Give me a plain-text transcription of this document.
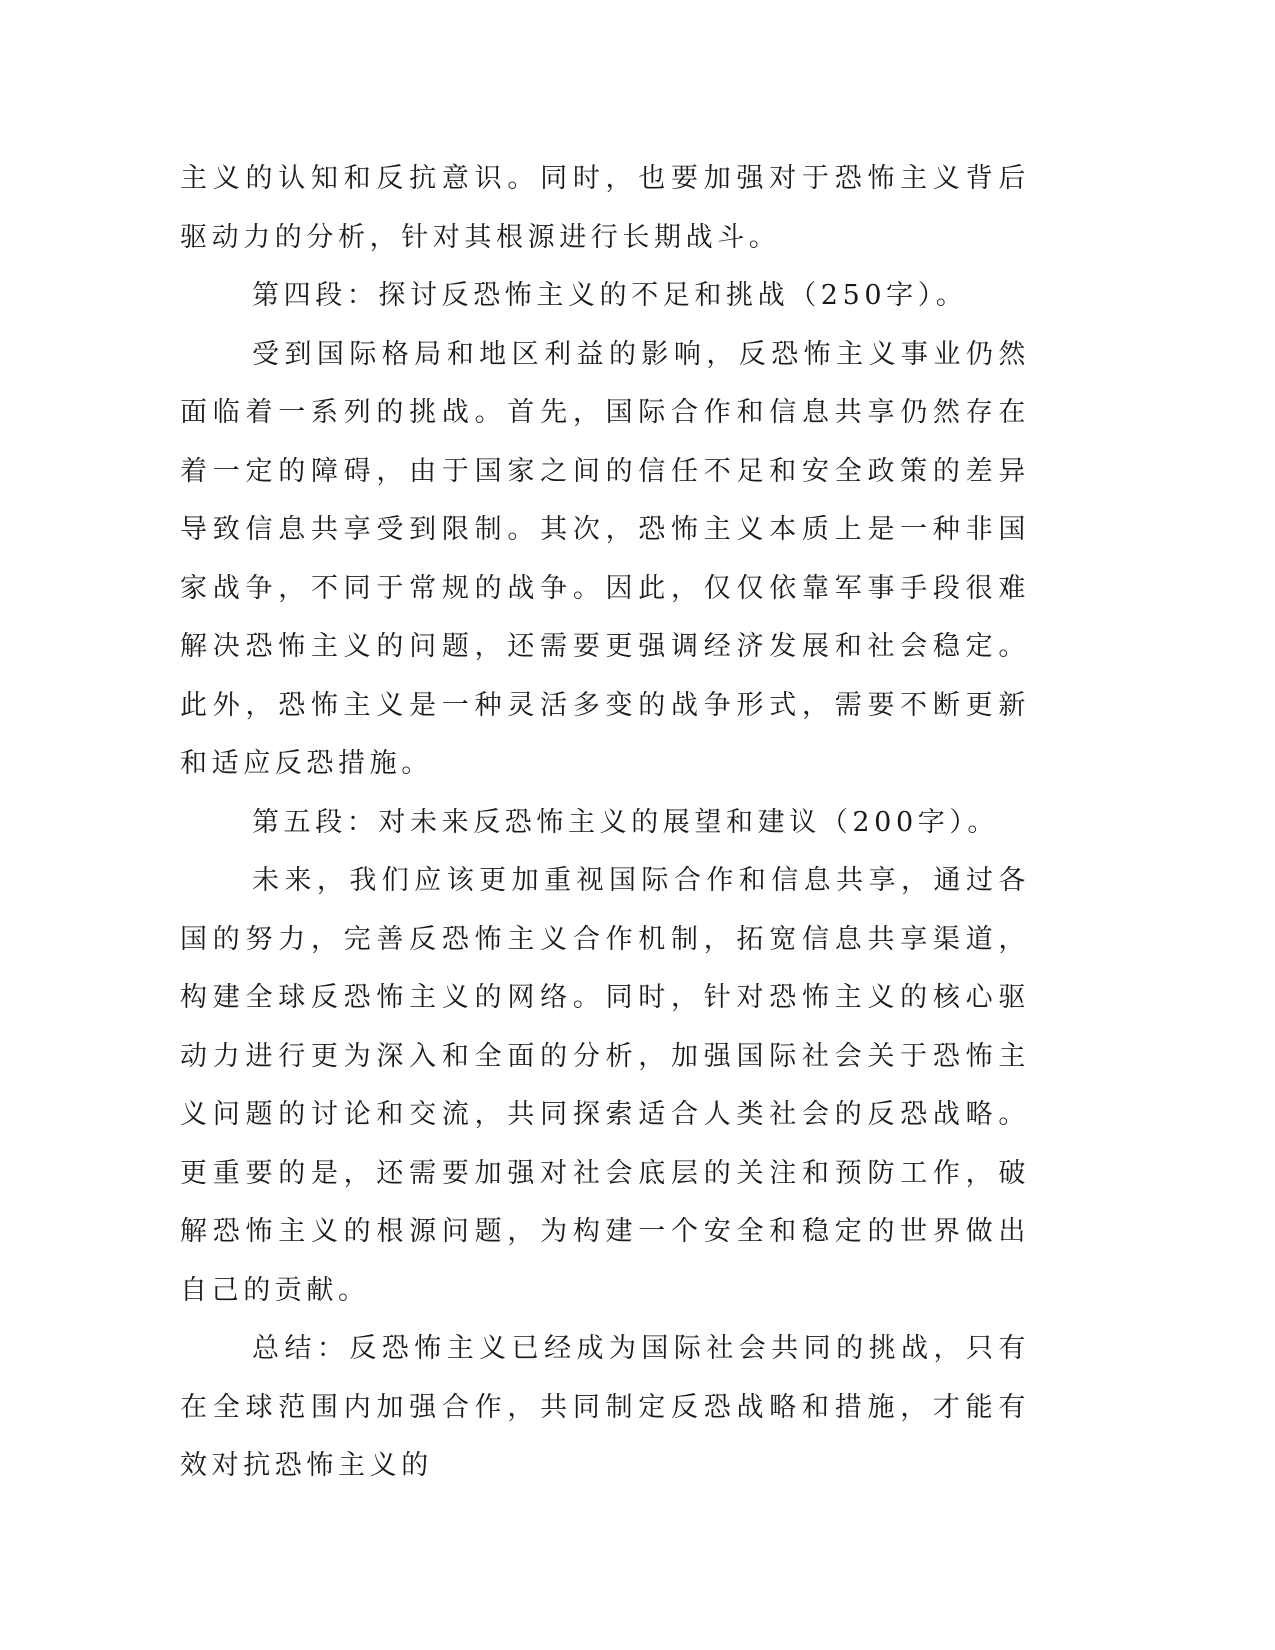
主义的认知和反抗意识。同时，也要加强对于恐怖主义背后驱动力的分析，针对其根源进行长期战斗。

第四段：探讨反恐怖主义的不足和挑战（250字）。

受到国际格局和地区利益的影响，反恐怖主义事业仍然面临着一系列的挑战。首先，国际合作和信息共享仍然存在着一定的障碍，由于国家之间的信任不足和安全政策的差异导致信息共享受到限制。其次，恐怖主义本质上是一种非国家战争，不同于常规的战争。因此，仅仅依靠军事手段很难解决恐怖主义的问题，还需要更强调经济发展和社会稳定。此外，恐怖主义是一种灵活多变的战争形式，需要不断更新和适应反恐措施。

第五段：对未来反恐怖主义的展望和建议（200字）。

未来，我们应该更加重视国际合作和信息共享，通过各国的努力，完善反恐怖主义合作机制，拓宽信息共享渠道，构建全球反恐怖主义的网络。同时，针对恐怖主义的核心驱动力进行更为深入和全面的分析，加强国际社会关于恐怖主义问题的讨论和交流，共同探索适合人类社会的反恐战略。更重要的是，还需要加强对社会底层的关注和预防工作，破解恐怖主义的根源问题，为构建一个安全和稳定的世界做出自己的贡献。

总结：反恐怖主义已经成为国际社会共同的挑战，只有在全球范围内加强合作，共同制定反恐战略和措施，才能有效对抗恐怖主义的
